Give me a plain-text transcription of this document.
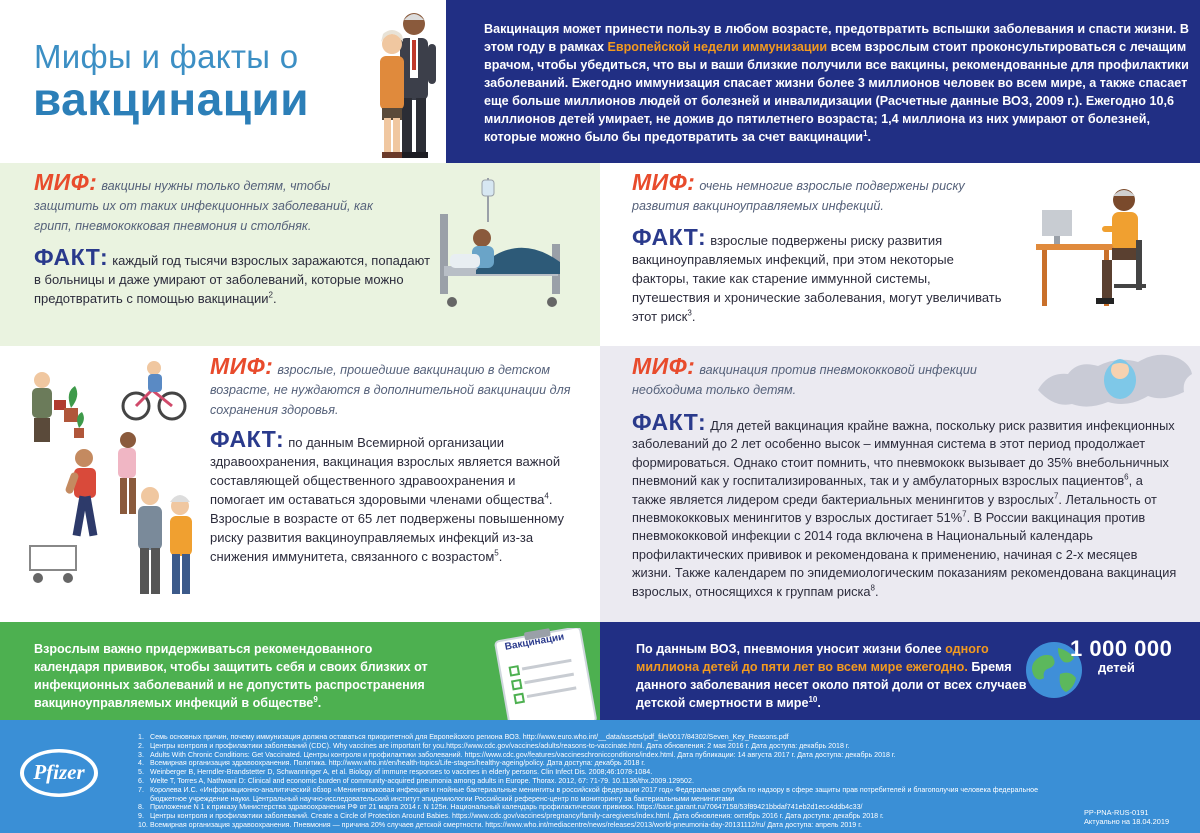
Мифы и факты о
вакцинации
Вакцинация может принести пользу в любом возрасте, предотвратить вспышки заболевания и спасти жизни. В этом году в рамках Европейской недели иммунизации всем взрослым стоит проконсультироваться с лечащим врачом, чтобы убедиться, что вы и ваши близкие получили все вакцины, рекомендованные для профилактики заболеваний. Ежегодно иммунизация спасает жизни более 3 миллионов человек во всем мире, а также спасает еще больше миллионов людей от болезней и инвалидизации (Расчетные данные ВОЗ, 2009 г.). Ежегодно 10,6 миллионов детей умирает, не дожив до пятилетнего возраста; 1,4 миллиона из них умирают от болезней, которые можно было бы предотвратить за счет вакцинации$^1$.
МИФ: вакцины нужны только детям, чтобы защитить их от таких инфекционных заболеваний, как грипп, пневмококковая пневмония и столбняк.
ФАКТ: каждый год тысячи взрослых заражаются, попадают в больницы и даже умирают от заболеваний, которые можно предотвратить с помощью вакцинации$^2$.
МИФ: очень немногие взрослые подвержены риску развития вакциноуправляемых инфекций.
ФАКТ: взрослые подвержены риску развития вакциноуправляемых инфекций, при этом некоторые факторы, такие как старение иммунной системы, путешествия и хронические заболевания, могут увеличивать этот риск$^3$.
МИФ: взрослые, прошедшие вакцинацию в детском возрасте, не нуждаются в дополнительной вакцинации для сохранения здоровья.
ФАКТ: по данным Всемирной организации здравоохранения, вакцинация взрослых является важной составляющей общественного здравоохранения и помогает им оставаться здоровыми членами общества$^4$. Взрослые в возрасте от 65 лет подвержены повышенному риску развития вакциноуправляемых инфекций из-за снижения иммунитета, связанного с возрастом$^5$.
МИФ: вакцинация против пневмококковой инфекции необходима только детям.
ФАКТ: Для детей вакцинация крайне важна, поскольку риск развития инфекционных заболеваний до 2 лет особенно высок – иммунная система в этот период продолжает формироваться. Однако стоит помнить, что пневмококк вызывает до 35% внебольничных пневмоний как у госпитализированных, так и у амбулаторных взрослых пациентов$^6$, а также является лидером среди бактериальных менингитов у взрослых$^7$. Летальность от пневмококковых менингитов у взрослых достигает 51%$^7$. В России вакцинация против пневмококковой инфекции с 2014 года включена в Национальный календарь профилактических прививок и рекомендована к применению, начиная с 2-х месяцев жизни. Также календарем по эпидемиологическим показаниям рекомендована вакцинация взрослых, относящихся к группам риска$^8$.
Взрослым важно придерживаться рекомендованного календаря прививок, чтобы защитить себя и своих близких от инфекционных заболеваний и не допустить распространения вакциноуправляемых инфекций в обществе$^9$.
Вакцинации	По данным ВОЗ, пневмония уносит жизни более одного миллиона детей до пяти лет во всем мире ежегодно. Бремя данного заболевания несет около пятой доли от всех случаев детской смертности в мире$^{10}$.
1 000 000
детей
Pfizer
1. Семь основных причин, почему иммунизация должна оставаться приоритетной для Европейского региона ВОЗ. http://www.euro.who.int/__data/assets/pdf_file/0017/84302/Seven_Key_Reasons.pdf
2. Центры контроля и профилактики заболеваний (CDC). Why vaccines are important for you.https://www.cdc.gov/vaccines/adults/reasons-to-vaccinate.html. Дата обновления: 2 мая 2016 г. Дата доступа: декабрь 2018 г.
3. Adults With Chronic Conditions: Get Vaccinated. Центры контроля и профилактики заболеваний. https://www.cdc.gov/features/vaccineschronicconditions/index.html. Дата публикации: 14 августа 2017 г. Дата доступа: декабрь 2018 г.
4. Всемирная организация здравоохранения. Политика. http://www.who.int/en/health-topics/Life-stages/healthy-ageing/policy. Дата доступа: декабрь 2018 г.
5. Weinberger B, Herndler-Brandstetter D, Schwanninger A, et al. Biology of immune responses to vaccines in elderly persons. Clin Infect Dis. 2008;46:1078-1084.
6. Welte T, Torres A, Nathwani D: Clinical and economic burden of community-acquired pneumonia among adults in Europe. Thorax. 2012, 67: 71-79. 10.1136/thx.2009.129502.
7. Королева И.С. «Информационно-аналитический обзор «Менингококковая инфекция и гнойные бактериальные менингиты в российской федерации 2017 год» Федеральная служба по надзору в сфере защиты прав потребителей и благополучия человека федеральное
бюджетное учреждение науки. Центральный научно-исследовательский институт эпидемиологии Российский референс-центр по мониторингу за бактериальными менингитами
8. Приложение N 1 к приказу Министерства здравоохранения РФ от 21 марта 2014 г. N 125н. Национальный календарь профилактических прививок. https://base.garant.ru/70647158/53f89421bbdaf741eb2d1ecc4ddb4c33/
9. Центры контроля и профилактики заболеваний. Create a Circle of Protection Around Babies. https://www.cdc.gov/vaccines/pregnancy/family-caregivers/index.html. Дата обновления: октябрь 2016 г. Дата доступа: декабрь 2018 г.
10. Всемирная организация здравоохранения. Пневмония — причина 20% случаев детской смертности. https://www.who.int/mediacentre/news/releases/2013/world-pneumonia-day-20131112/ru/ Дата доступа: апрель 2019 г.
PP-PNA-RUS-0191
Актуально на 18.04.2019
